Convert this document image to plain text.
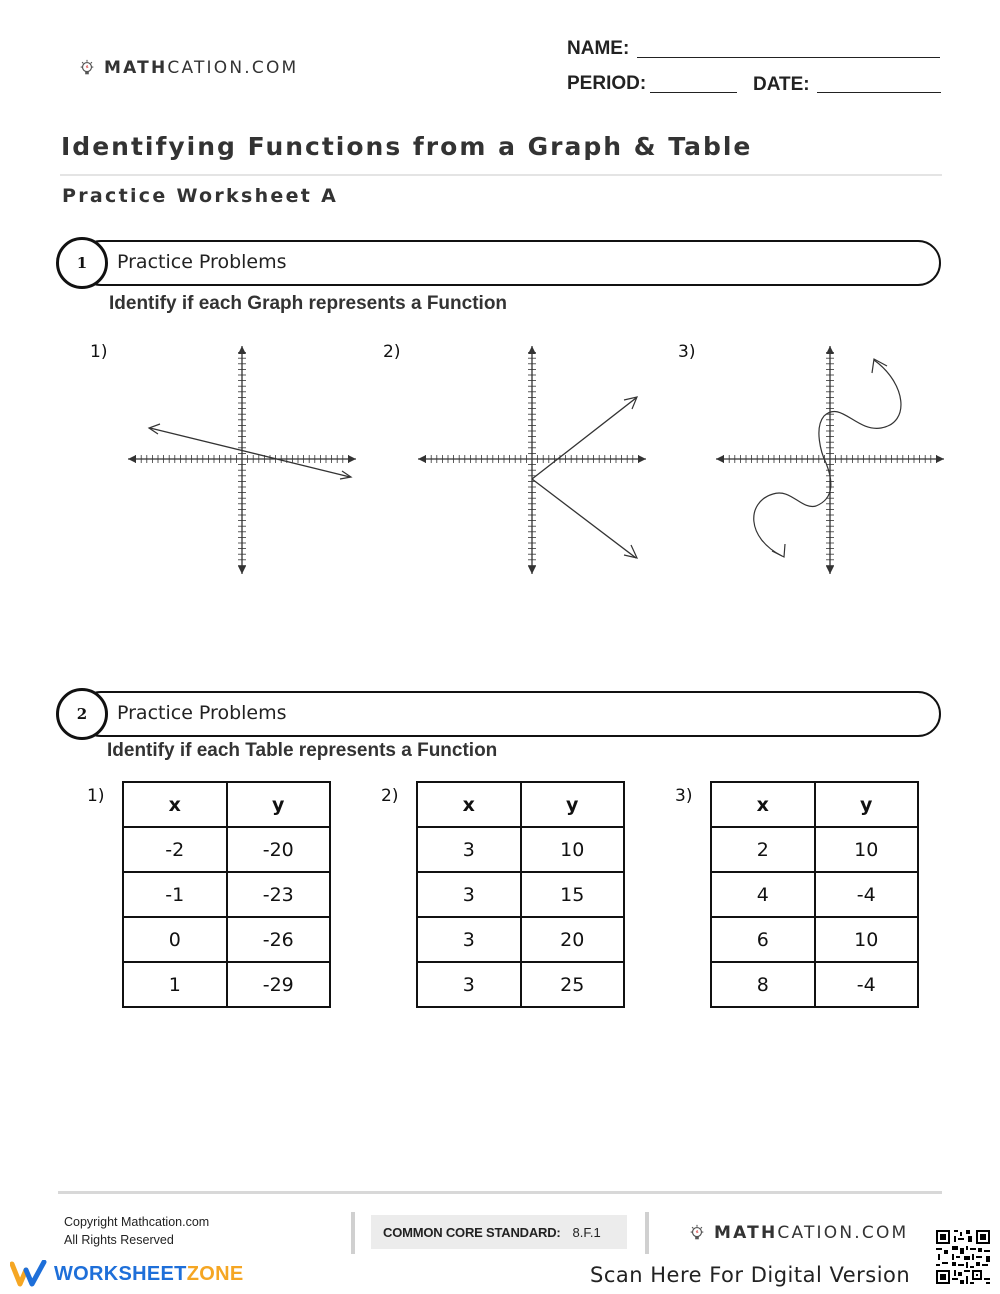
MATHCATION.COM
NAME:
PERIOD:	DATE:
Identifying Functions from a Graph & Table
Practice Worksheet A
1	Practice Problems
Identify if each Graph represents a Function
1)	2)	3)
2	Practice Problems
Identify if each Table represents a Function
1)	2)	3)
x	y
-2	-20
-1	-23
0	-26
1	-29
x	y
3	10
3	15
3	20
3	25
x	y
2	10
4	-4
6	10
8	-4
Copyright Mathcation.com
All Rights Reserved
WORKSHEETZONE
COMMON CORE STANDARD: 8.F.1	MATHCATION.COM
Scan Here For Digital Version
